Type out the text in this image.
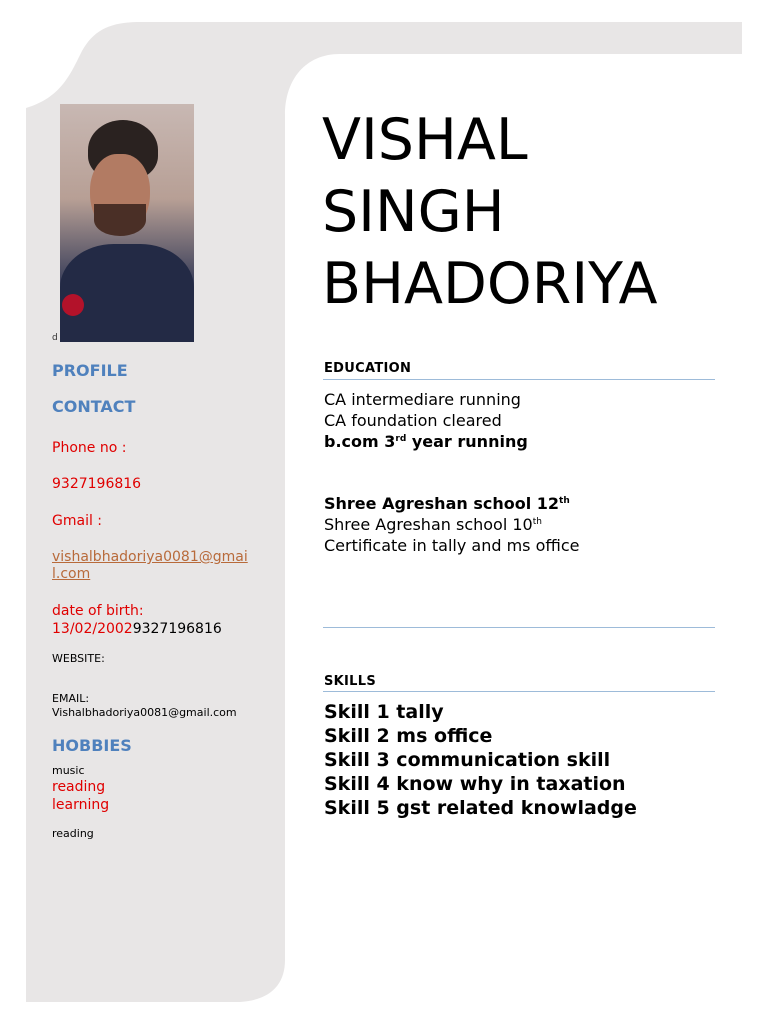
d
PROFILE
CONTACT
Phone no :
9327196816
Gmail :
vishalbhadoriya0081@gmai
l.com
date of birth:
13/02/20029327196816
WEBSITE:
EMAIL:
Vishalbhadoriya0081@gmail.com
HOBBIES
music
reading
learning
reading
VISHAL
SINGH
BHADORIYA
EDUCATION
CA intermediare running
CA foundation cleared
b.com 3rd year running
Shree Agreshan school 12th
Shree Agreshan school 10th
Certificate in tally and ms office
SKILLS
Skill 1 tally
Skill 2 ms office
Skill 3 communication skill
Skill 4 know why in taxation
Skill 5 gst related knowladge
